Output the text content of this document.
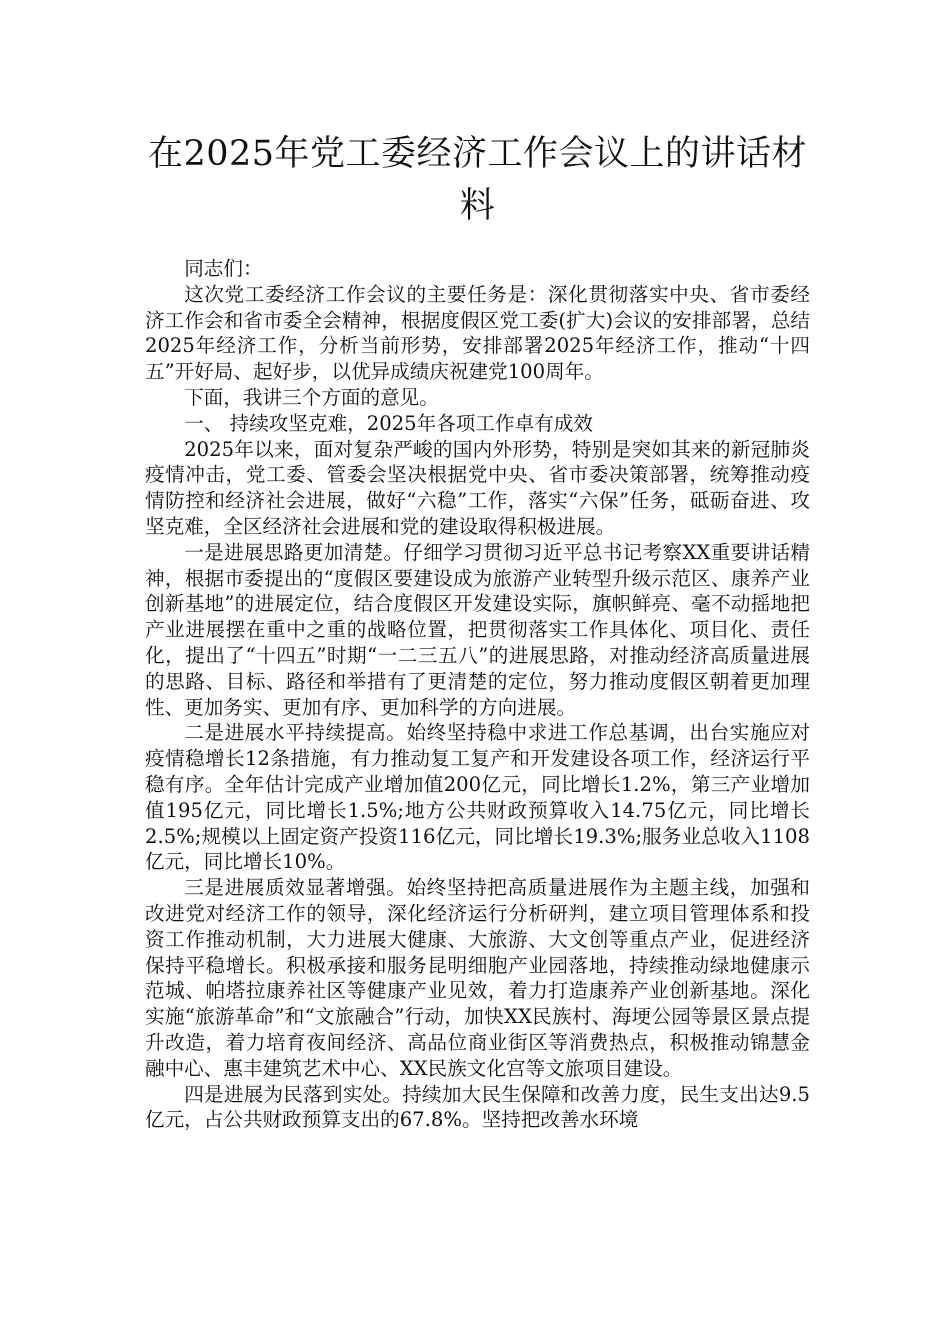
在2025年党工委经济工作会议上的讲话材料

同志们：

这次党工委经济工作会议的主要任务是：深化贯彻落实中央、省市委经济工作会和省市委全会精神，根据度假区党工委(扩大)会议的安排部署，总结2025年经济工作，分析当前形势，安排部署2025年经济工作，推动“十四五”开好局、起好步，以优异成绩庆祝建党100周年。

下面，我讲三个方面的意见。

一、 持续攻坚克难，2025年各项工作卓有成效

2025年以来，面对复杂严峻的国内外形势，特别是突如其来的新冠肺炎疫情冲击，党工委、管委会坚决根据党中央、省市委决策部署，统筹推动疫情防控和经济社会进展，做好“六稳”工作，落实“六保”任务，砥砺奋进、攻坚克难，全区经济社会进展和党的建设取得积极进展。

一是进展思路更加清楚。仔细学习贯彻习近平总书记考察XX重要讲话精神，根据市委提出的“度假区要建设成为旅游产业转型升级示范区、康养产业创新基地”的进展定位，结合度假区开发建设实际，旗帜鲜亮、毫不动摇地把产业进展摆在重中之重的战略位置，把贯彻落实工作具体化、项目化、责任化，提出了“十四五”时期“一二三五八”的进展思路，对推动经济高质量进展的思路、目标、路径和举措有了更清楚的定位，努力推动度假区朝着更加理性、更加务实、更加有序、更加科学的方向进展。

二是进展水平持续提高。始终坚持稳中求进工作总基调，出台实施应对疫情稳增长12条措施，有力推动复工复产和开发建设各项工作，经济运行平稳有序。全年估计完成产业增加值200亿元，同比增长1.2%，第三产业增加值195亿元，同比增长1.5%;地方公共财政预算收入14.75亿元，同比增长2.5%;规模以上固定资产投资116亿元，同比增长19.3%;服务业总收入1108亿元，同比增长10%。

三是进展质效显著增强。始终坚持把高质量进展作为主题主线，加强和改进党对经济工作的领导，深化经济运行分析研判，建立项目管理体系和投资工作推动机制，大力进展大健康、大旅游、大文创等重点产业，促进经济保持平稳增长。积极承接和服务昆明细胞产业园落地，持续推动绿地健康示范城、帕塔拉康养社区等健康产业见效，着力打造康养产业创新基地。深化实施“旅游革命”和“文旅融合”行动，加快XX民族村、海埂公园等景区景点提升改造，着力培育夜间经济、高品位商业街区等消费热点，积极推动锦慧金融中心、惠丰建筑艺术中心、XX民族文化宫等文旅项目建设。

四是进展为民落到实处。持续加大民生保障和改善力度，民生支出达9.5亿元，占公共财政预算支出的67.8%。坚持把改善水环境
